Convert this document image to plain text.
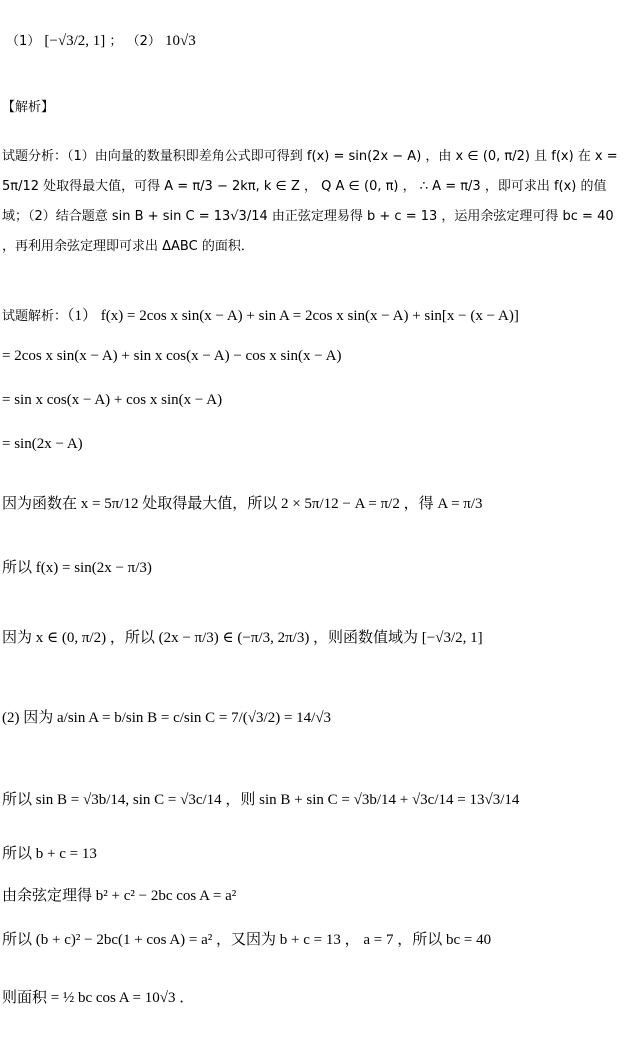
（1） [−√3/2, 1] ； （2） 10√3
【解析】
试题分析：（1）由向量的数量积即差角公式即可得到 f(x) = sin(2x − A) ，由 x ∈ (0, π/2) 且 f(x) 在 x = 5π/12 处取得最大值，可得 A = π/3 − 2kπ, k ∈ Z ， Q A ∈ (0, π) ， ∴ A = π/3 ，即可求出 f(x) 的值域；（2）结合题意 sin B + sin C = 13√3/14 由正弦定理易得 b + c = 13 ，运用余弦定理可得 bc = 40 ，再利用余弦定理即可求出 ΔABC 的面积．
试题解析：（1） f(x) = 2cos x sin(x − A) + sin A = 2cos x sin(x − A) + sin[x − (x − A)]
= 2cos x sin(x − A) + sin x cos(x − A) − cos x sin(x − A)
= sin x cos(x − A) + cos x sin(x − A)
= sin(2x − A)
因为函数在 x = 5π/12 处取得最大值，所以 2 × 5π/12 − A = π/2 ，得 A = π/3
所以 f(x) = sin(2x − π/3)
因为 x ∈ (0, π/2) ，所以 (2x − π/3) ∈ (−π/3, 2π/3) ，则函数值域为 [−√3/2, 1]
(2) 因为 a/sin A = b/sin B = c/sin C = 7/(√3/2) = 14/√3
所以 sin B = √3b/14, sin C = √3c/14 ，则 sin B + sin C = √3b/14 + √3c/14 = 13√3/14
所以 b + c = 13
由余弦定理得 b² + c² − 2bc cos A = a²
所以 (b + c)² − 2bc(1 + cos A) = a² ，又因为 b + c = 13 ， a = 7 ，所以 bc = 40
则面积 = ½ bc cos A = 10√3 ．
